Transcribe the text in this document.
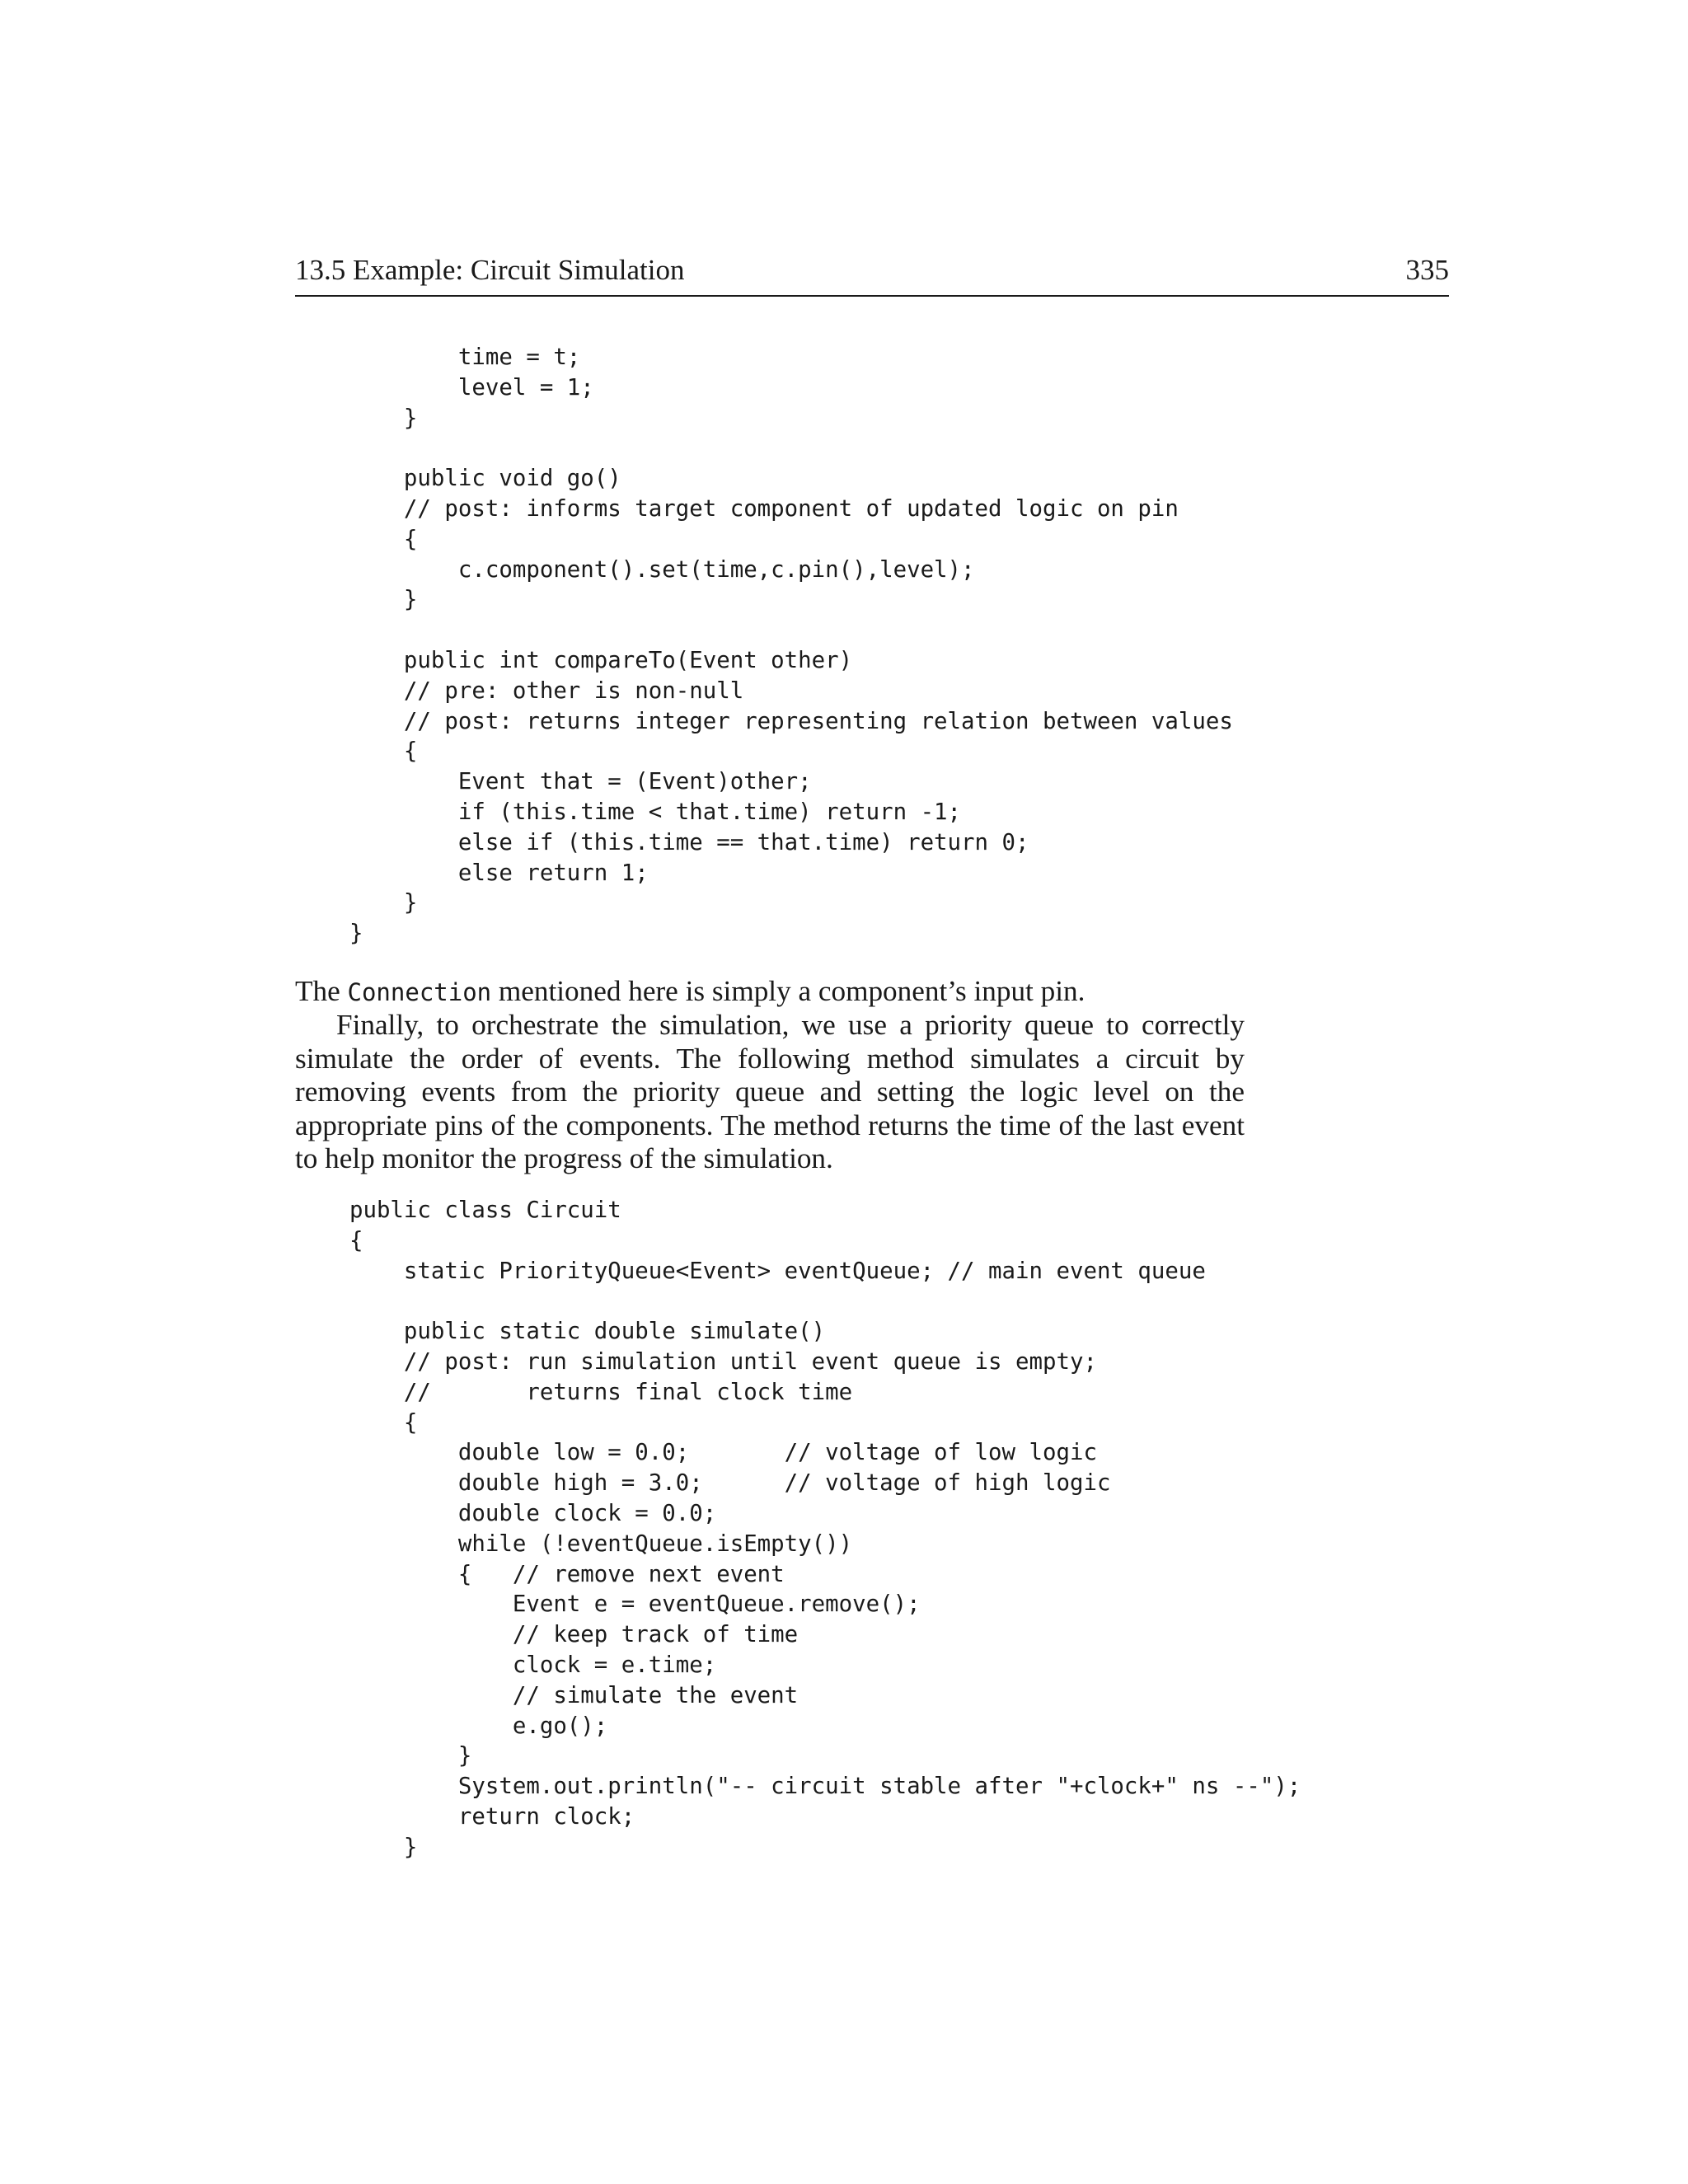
13.5 Example: Circuit Simulation	335
time = t;
level = 1;
}

public void go()
// post: informs target component of updated logic on pin
{
c.component().set(time,c.pin(),level);
}

public int compareTo(Event other)
// pre: other is non-null
// post: returns integer representing relation between values
{
Event that = (Event)other;
if (this.time < that.time) return -1;
else if (this.time == that.time) return 0;
else return 1;
}
}

The Connection mentioned here is simply a component’s input pin.

Finally, to orchestrate the simulation, we use a priority queue to correctly simulate the order of events. The following method simulates a circuit by removing events from the priority queue and setting the logic level on the appropriate pins of the components. The method returns the time of the last event to help monitor the progress of the simulation.

public class Circuit
{
static PriorityQueue<Event> eventQueue; // main event queue

public static double simulate()
// post: run simulation until event queue is empty;
//       returns final clock time
{
double low = 0.0;       // voltage of low logic
double high = 3.0;      // voltage of high logic
double clock = 0.0;
while (!eventQueue.isEmpty())
{   // remove next event
Event e = eventQueue.remove();
// keep track of time
clock = e.time;
// simulate the event
e.go();
}
System.out.println("-- circuit stable after "+clock+" ns --");
return clock;
}
